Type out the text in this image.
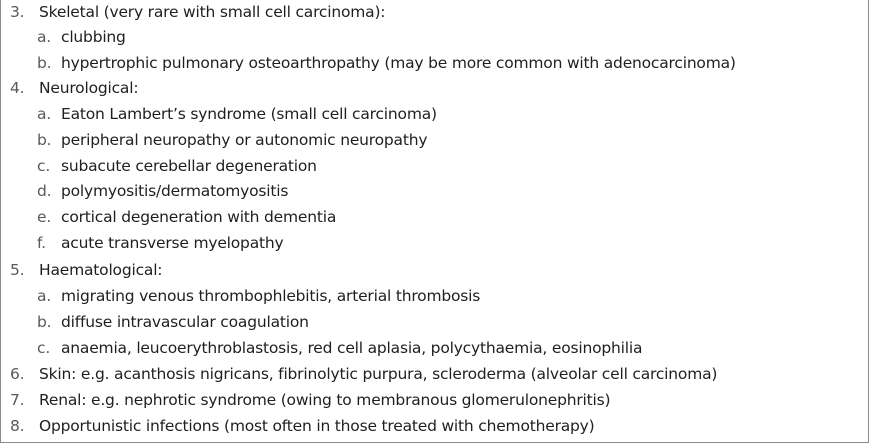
3. Skeletal (very rare with small cell carcinoma):
a. clubbing
b. hypertrophic pulmonary osteoarthropathy (may be more common with adenocarcinoma)
4. Neurological:
a. Eaton Lambert’s syndrome (small cell carcinoma)
b. peripheral neuropathy or autonomic neuropathy
c. subacute cerebellar degeneration
d. polymyositis/dermatomyositis
e. cortical degeneration with dementia
f. acute transverse myelopathy
5. Haematological:
a. migrating venous thrombophlebitis, arterial thrombosis
b. diffuse intravascular coagulation
c. anaemia, leucoerythroblastosis, red cell aplasia, polycythaemia, eosinophilia
6. Skin: e.g. acanthosis nigricans, fibrinolytic purpura, scleroderma (alveolar cell carcinoma)
7. Renal: e.g. nephrotic syndrome (owing to membranous glomerulonephritis)
8. Opportunistic infections (most often in those treated with chemotherapy)
